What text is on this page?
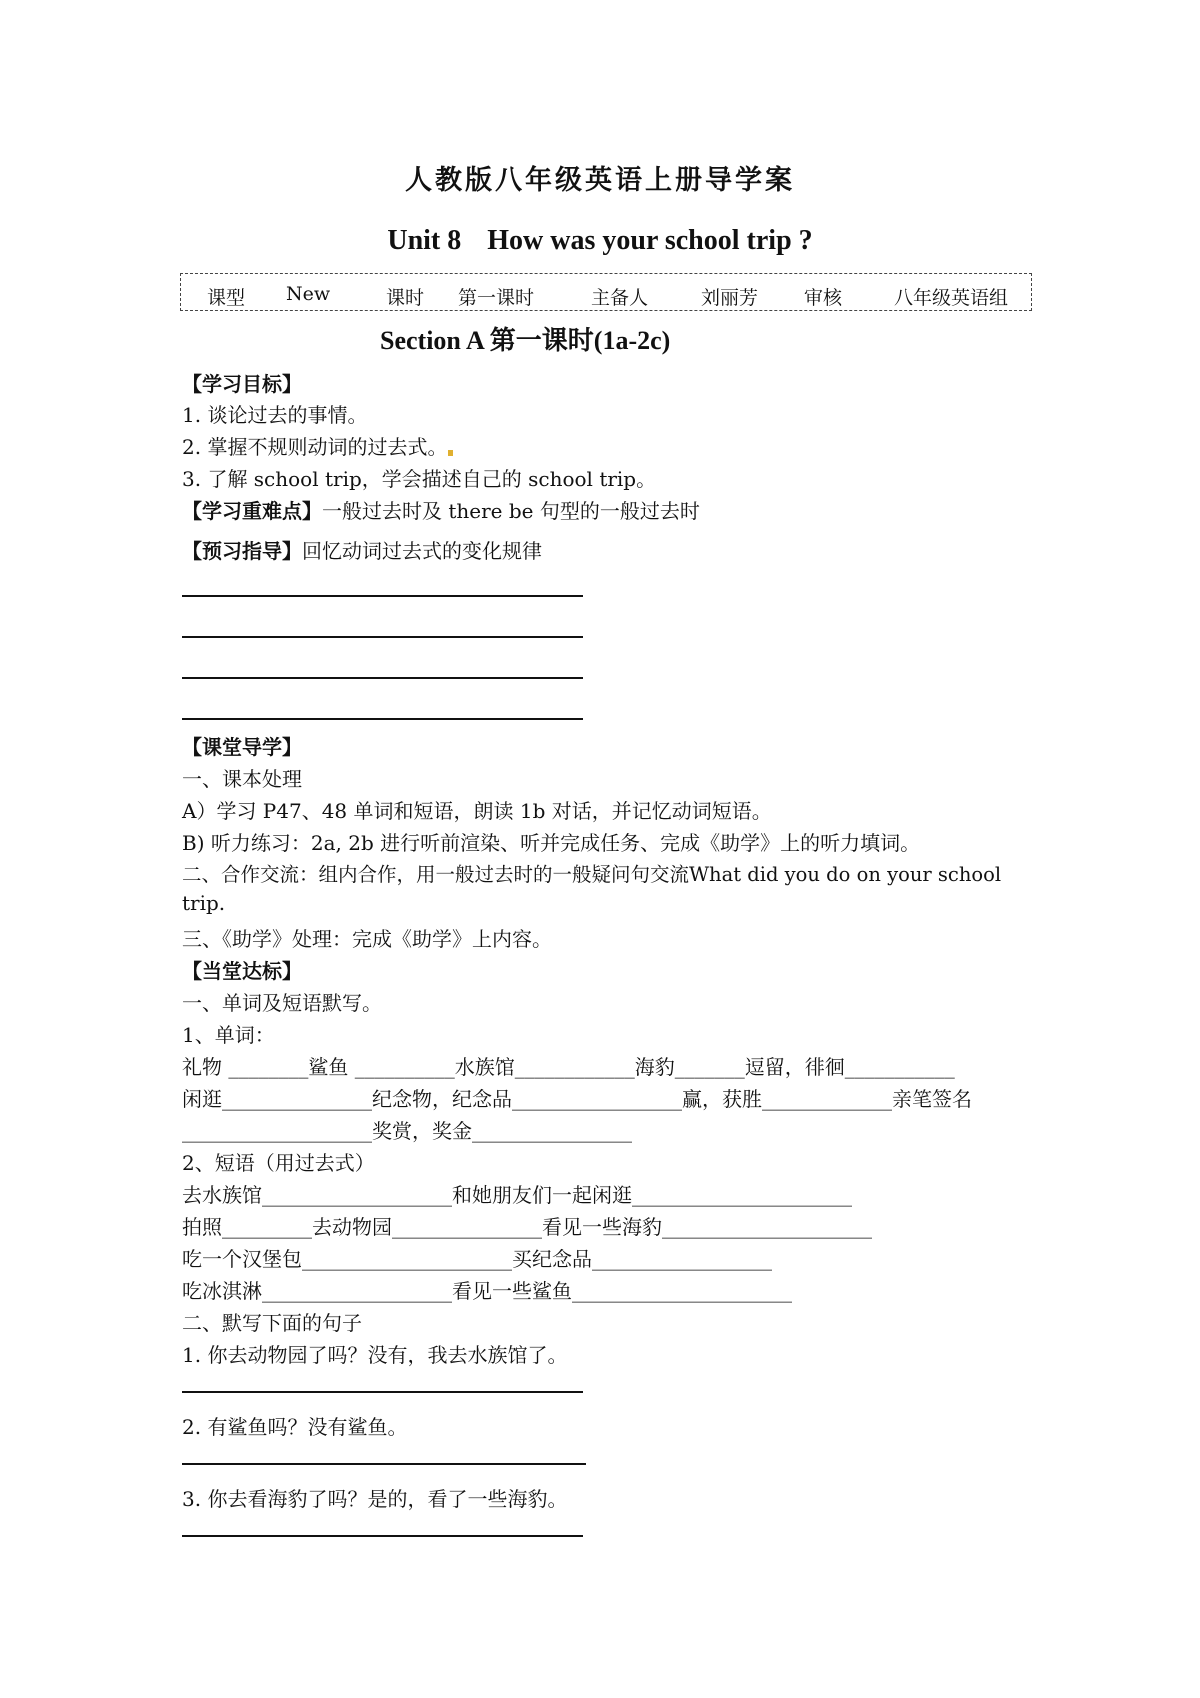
人教版八年级英语上册导学案
Unit 8 How was your school trip ?
课型 New	课时 第一课时	主备人	刘丽芳 审核	八年级英语组
Section A 第一课时(1a-2c)
【学习目标】
1. 谈论过去的事情。
2. 掌握不规则动词的过去式。
3. 了解 school trip，学会描述自己的 school trip。
【学习重难点】一般过去时及 there be 句型的一般过去时
【预习指导】回忆动词过去式的变化规律
【课堂导学】
一、课本处理
A）学习 P47、48 单词和短语，朗读 1b 对话，并记忆动词短语。
B) 听力练习：2a, 2b 进行听前渲染、听并完成任务、完成《助学》上的听力填词。
二、合作交流：组内合作，用一般过去时的一般疑问句交流What did you do on your school
trip.
三、《助学》处理：完成《助学》上内容。
【当堂达标】
一、单词及短语默写。
1、单词：
礼物 ________鲨鱼 __________水族馆____________海豹_______逗留，徘徊___________
闲逛_______________纪念物，纪念品_________________赢，获胜_____________亲笔签名
___________________奖赏，奖金________________
2、短语（用过去式）
去水族馆___________________和她朋友们一起闲逛______________________
拍照_________去动物园_______________看见一些海豹_____________________
吃一个汉堡包_____________________买纪念品__________________
吃冰淇淋___________________看见一些鲨鱼______________________
二、默写下面的句子
1. 你去动物园了吗？没有，我去水族馆了。
2. 有鲨鱼吗？没有鲨鱼。
3. 你去看海豹了吗？是的，看了一些海豹。
